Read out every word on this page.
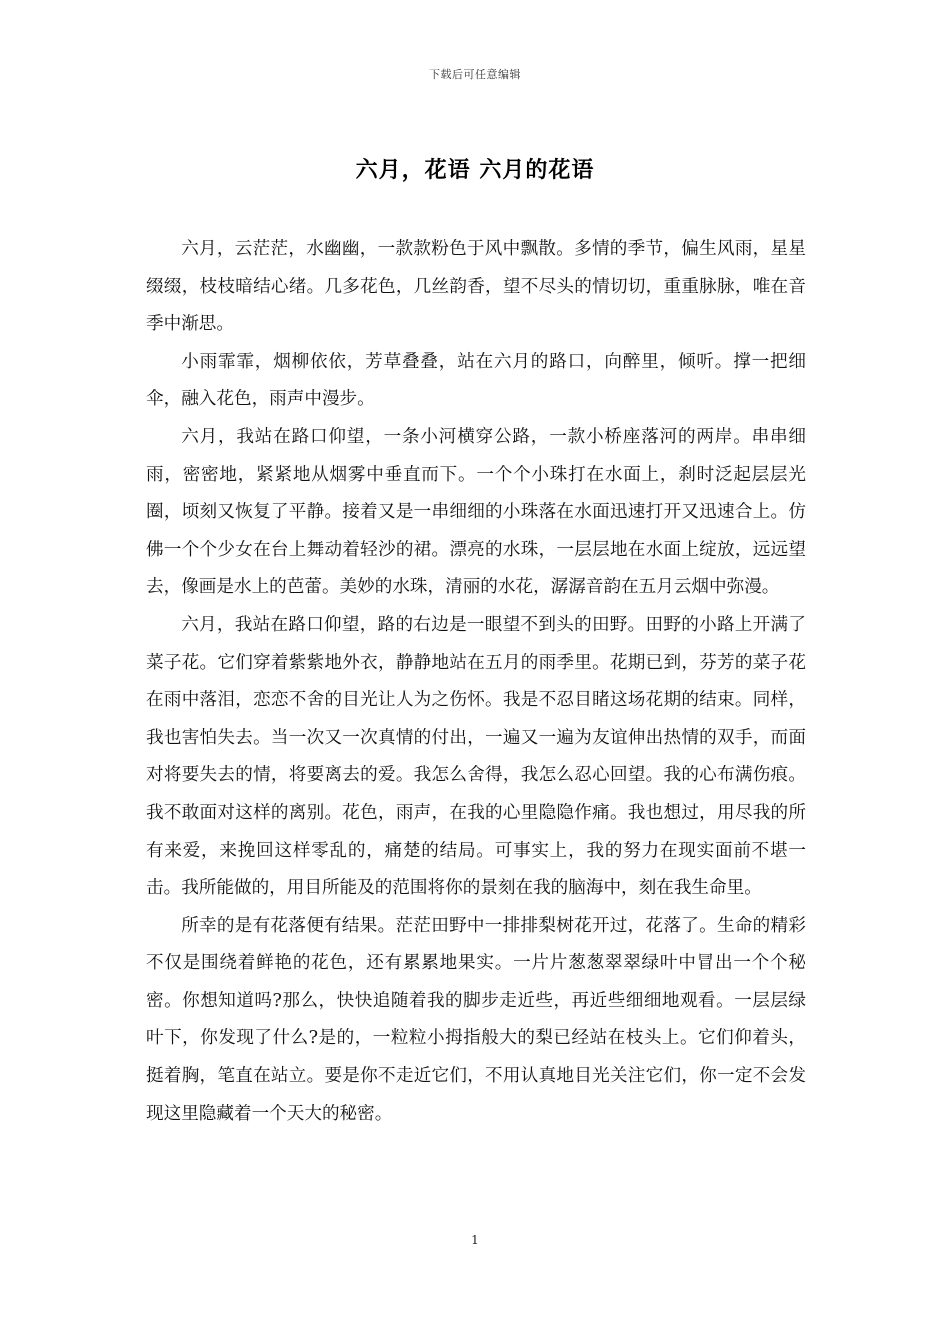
下载后可任意编辑
六月，花语 六月的花语

六月，云茫茫，水幽幽，一款款粉色于风中飘散。多情的季节，偏生风雨，星星缀缀，枝枝暗结心绪。几多花色，几丝韵香，望不尽头的情切切，重重脉脉，唯在音季中渐思。

小雨霏霏，烟柳依依，芳草叠叠，站在六月的路口，向醉里，倾听。撑一把细伞，融入花色，雨声中漫步。

六月，我站在路口仰望，一条小河横穿公路，一款小桥座落河的两岸。串串细雨，密密地，紧紧地从烟雾中垂直而下。一个个小珠打在水面上，刹时泛起层层光圈，顷刻又恢复了平静。接着又是一串细细的小珠落在水面迅速打开又迅速合上。仿佛一个个少女在台上舞动着轻沙的裙。漂亮的水珠，一层层地在水面上绽放，远远望去，像画是水上的芭蕾。美妙的水珠，清丽的水花，潺潺音韵在五月云烟中弥漫。

六月，我站在路口仰望，路的右边是一眼望不到头的田野。田野的小路上开满了菜子花。它们穿着紫紫地外衣，静静地站在五月的雨季里。花期已到，芬芳的菜子花在雨中落泪，恋恋不舍的目光让人为之伤怀。我是不忍目睹这场花期的结束。同样，我也害怕失去。当一次又一次真情的付出，一遍又一遍为友谊伸出热情的双手，而面对将要失去的情，将要离去的爱。我怎么舍得，我怎么忍心回望。我的心布满伤痕。我不敢面对这样的离别。花色，雨声，在我的心里隐隐作痛。我也想过，用尽我的所有来爱，来挽回这样零乱的，痛楚的结局。可事实上，我的努力在现实面前不堪一击。我所能做的，用目所能及的范围将你的景刻在我的脑海中，刻在我生命里。

所幸的是有花落便有结果。茫茫田野中一排排梨树花开过，花落了。生命的精彩不仅是围绕着鲜艳的花色，还有累累地果实。一片片葱葱翠翠绿叶中冒出一个个秘密。你想知道吗?那么，快快追随着我的脚步走近些，再近些细细地观看。一层层绿叶下，你发现了什么?是的，一粒粒小拇指般大的梨已经站在枝头上。它们仰着头，挺着胸，笔直在站立。要是你不走近它们，不用认真地目光关注它们，你一定不会发现这里隐藏着一个天大的秘密。

1
